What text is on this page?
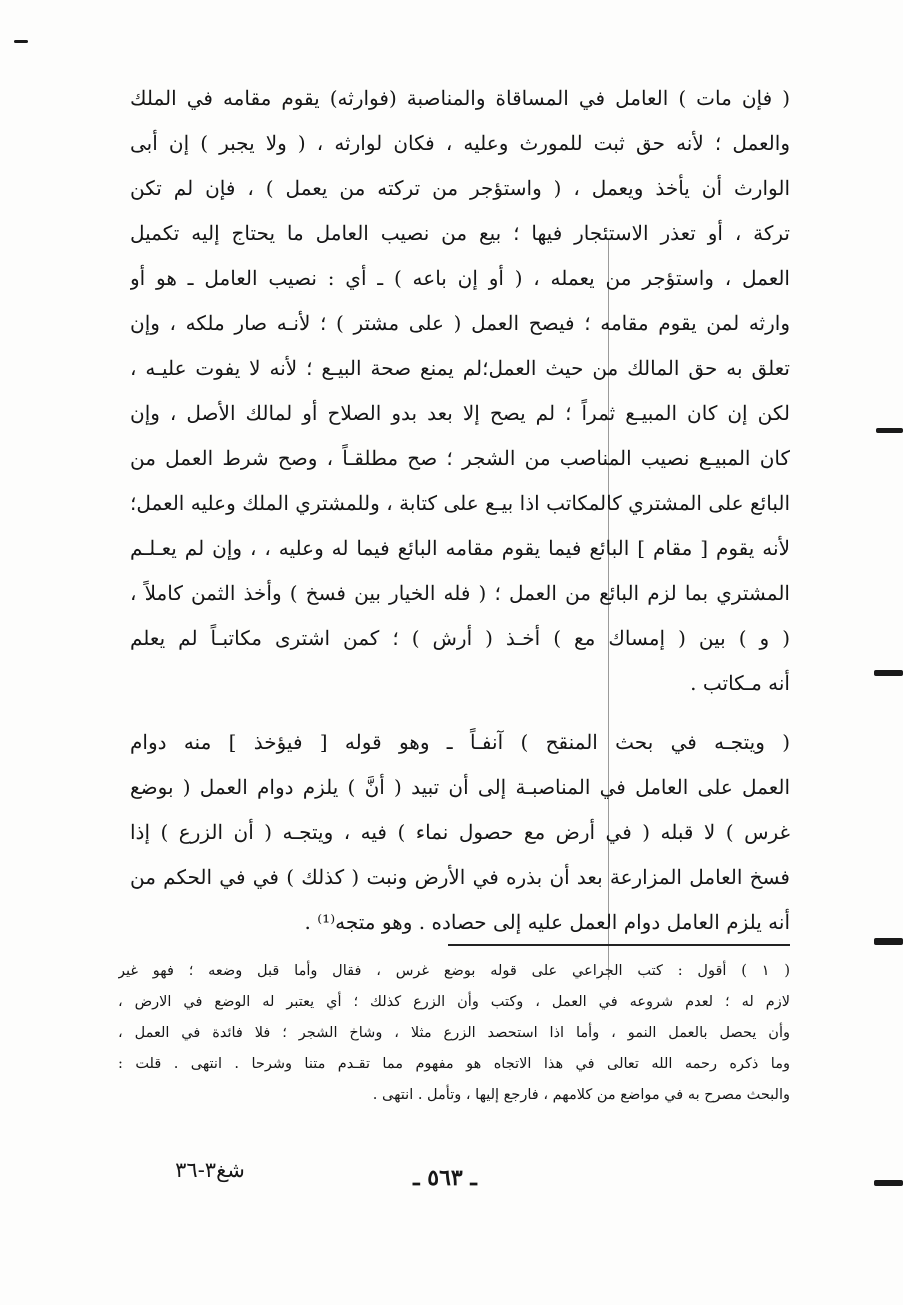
( فإن مات ) العامل في المساقاة والمناصبة (فوارثه) يقوم مقامه في الملك
والعمل ؛ لأنه حق ثبت للمورث وعليه ، فكان لوارثه ، ( ولا يجبر ) إن أبى
الوارث أن يأخذ ويعمل ، ( واستؤجر من تركته من يعمل ) ، فإن لم تكن
تركة ، أو تعذر الاستئجار فيها ؛ بيع من نصيب العامل ما يحتاج إليه تكميل
العمل ، واستؤجر من يعمله ، ( أو إن باعه ) ـ أي : نصيب العامل ـ هو أو
وارثه لمن يقوم مقامه ؛ فيصح العمل ( على مشتر ) ؛ لأنـه صار ملكه ، وإن
تعلق به حق المالك من حيث العمل؛لم يمنع صحة البيـع ؛ لأنه لا يفوت عليـه ،
لكن إن كان المبيـع ثمراً ؛ لم يصح إلا بعد بدو الصلاح أو لمالك الأصل ، وإن
كان المبيـع نصيب المناصب من الشجر ؛ صح مطلقـاً ، وصح شرط العمل من
البائع على المشتري كالمكاتب اذا بيـع على كتابة ، وللمشتري الملك وعليه العمل؛
لأنه يقوم [ مقام ] البائع فيما يقوم مقامه البائع فيما له وعليه ، ، وإن لم يعـلـم
المشتري بما لزم البائع من العمل ؛ ( فله الخيار بين فسخ ) وأخذ الثمن كاملاً ،
( و ) بين ( إمساك مع ) أخـذ ( أرش ) ؛ كمن اشترى مكاتبـاً لم يعلم
أنه مـكاتب .

( ويتجـه في بحث المنقح ) آنفـاً ـ وهو قوله [ فيؤخذ ] منه دوام
العمل على العامل في المناصبـة إلى أن تبيد ( أنَّ ) يلزم دوام العمل ( بوضع
غرس ) لا قبله ( في أرض مع حصول نماء ) فيه ، ويتجـه ( أن الزرع ) إذا
فسخ العامل المزارعة بعد أن بذره في الأرض ونبت ( كذلك ) في في الحكم من
أنه يلزم العامل دوام العمل عليه إلى حصاده . وهو متجه⁽¹⁾ .

( ١ ) أقول : كتب الجراعي على قوله بوضع غرس ، فقال وأما قبل وضعه ؛ فهو غير
لازم له ؛ لعدم شروعه في العمل ، وكتب وأن الزرع كذلك ؛ أي يعتبر له الوضع في الارض ،
وأن يحصل بالعمل النمو ، وأما اذا استحصد الزرع مثلا ، وشاخ الشجر ؛ فلا فائدة في العمل ،
وما ذكره رحمه الله تعالى في هذا الاتجاه هو مفهوم مما تقـدم متنا وشرحا . انتهى . قلت :
والبحث مصرح به في مواضع من كلامهم ، فارجع إليها ، وتأمل . انتهى .
ـ ٥٦٣ ـ
شغ٣-٣٦
